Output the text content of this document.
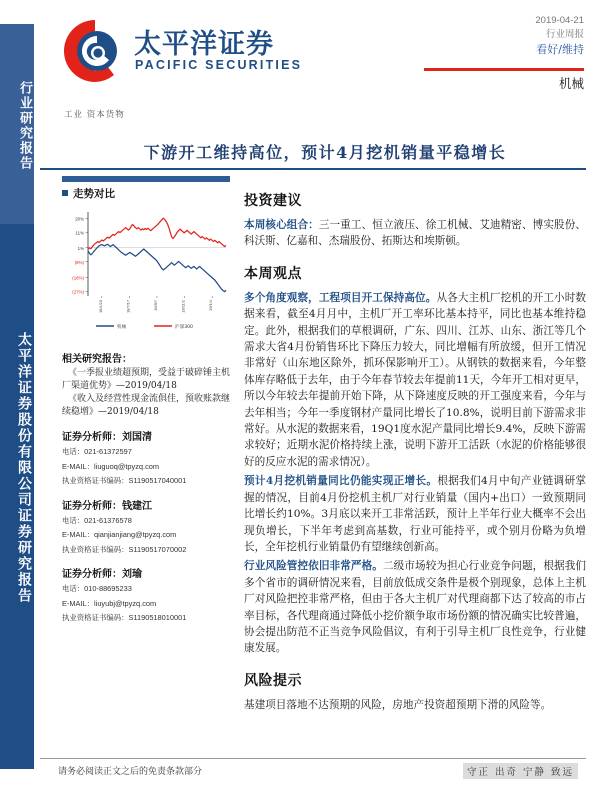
行业研究报告
太平洋证券股份有限公司证券研究报告
太平洋证券
PACIFIC SECURITIES
2019-04-21
行业周报
看好/维持
机械
工业 资本货物
下游开工维持高位，预计4月挖机销量平稳增长
走势对比
20%
11%
1%
(8%)
(18%)
(27%)
18/4/23	18/7/17	18/9/7	18/11/2	19/1/4
机械	沪深300
相关研究报告：
《一季报业绩超预期，受益于破碎锤主机厂渠道优势》—2019/04/18
《收入及经营性现金流俱佳，预收账款继续稳增》—2019/04/18
证券分析师：刘国清
电话：021-61372597
E-MAIL：liuguoq@tpyzq.com
执业资格证书编码：S1190517040001
证券分析师：钱建江
电话：021-61376578
E-MAIL：qianjianjiang@tpyzq.com
执业资格证书编码：S1190517070002
证券分析师：刘瑜
电话：010-88695233
E-MAIL：liuyubj@tpyzq.com
执业资格证书编码：S1190518010001
投资建议

本周核心组合：三一重工、恒立液压、徐工机械、艾迪精密、博实股份、科沃斯、亿嘉和、杰瑞股份、拓斯达和埃斯顿。

本周观点

多个角度观察，工程项目开工保持高位。从各大主机厂挖机的开工小时数据来看，截至4月月中，主机厂开工率环比基本持平，同比也基本维持稳定。此外，根据我们的草根调研，广东、四川、江苏、山东、浙江等几个需求大省4月份销售环比下降压力较大，同比增幅有所放缓，但开工情况非常好（山东地区除外，抓环保影响开工）。从钢铁的数据来看，今年整体库存略低于去年，由于今年春节较去年提前11天，今年开工相对更早，所以今年较去年提前开始下降，从下降速度反映的开工强度来看，今年与去年相当；今年一季度钢材产量同比增长了10.8%，说明目前下游需求非常好。从水泥的数据来看，19Q1度水泥产量同比增长9.4%，反映下游需求较好；近期水泥价格持续上涨，说明下游开工活跃（水泥的价格能够很好的反应水泥的需求情况）。

预计4月挖机销量同比仍能实现正增长。根据我们4月中旬产业链调研掌握的情况，目前4月份挖机主机厂对行业销量（国内+出口）一致预期同比增长约10%。3月底以来开工非常活跃，预计上半年行业大概率不会出现负增长，下半年考虑到高基数，行业可能持平，或个别月份略为负增长，全年挖机行业销量仍有望继续创新高。

行业风险管控依旧非常严格。二级市场较为担心行业竞争问题，根据我们多个省市的调研情况来看，目前放低成交条件是极个别现象，总体上主机厂对风险把控非常严格，但由于各大主机厂对代理商都下达了较高的市占率目标，各代理商通过降低小挖价额争取市场份额的情况确实比较普遍，协会提出防范不正当竞争风险倡议，有利于引导主机厂良性竞争，行业健康发展。

风险提示

基建项目落地不达预期的风险，房地产投资超预期下滑的风险等。

请务必阅读正文之后的免责条款部分	守正 出奇 宁静 致远
